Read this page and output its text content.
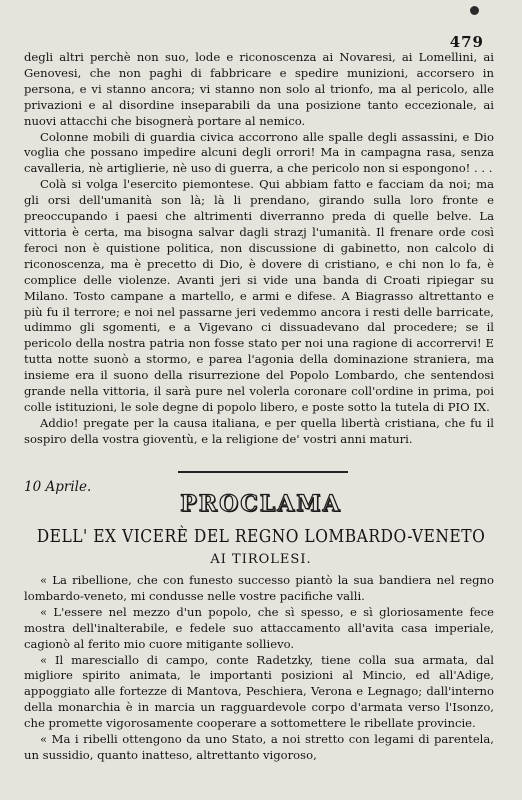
479

degli altri perchè non suo, lode e riconoscenza ai Novaresi, ai Lomellini, ai Genovesi, che non paghi di fabbricare e spedire munizioni, accorsero in persona, e vi stanno ancora; vi stanno non solo al trionfo, ma al pericolo, alle privazioni e al disordine inseparabili da una posizione tanto eccezionale, ai nuovi attacchi che bisognerà portare al nemico.

Colonne mobili di guardia civica accorrono alle spalle degli assassini, e Dio voglia che possano impedire alcuni degli orrori! Ma in campagna rasa, senza cavalleria, nè artiglierie, nè uso di guerra, a che pericolo non si espongono! . . .

Colà si volga l'esercito piemontese. Qui abbiam fatto e facciam da noi; ma gli orsi dell'umanità son là; là li prendano, girando sulla loro fronte e preoccupando i paesi che altrimenti diverranno preda di quelle belve. La vittoria è certa, ma bisogna salvar dagli strazj l'umanità. Il frenare orde così feroci non è quistione politica, non discussione di gabinetto, non calcolo di riconoscenza, ma è precetto di Dio, è dovere di cristiano, e chi non lo fa, è complice delle violenze. Avanti jeri si vide una banda di Croati ripiegar su Milano. Tosto campane a martello, e armi e difese. A Biagrasso altrettanto e più fu il terrore; e noi nel passarne jeri vedemmo ancora i resti delle barricate, udimmo gli sgomenti, e a Vigevano ci dissuadevano dal procedere; se il pericolo della nostra patria non fosse stato per noi una ragione di accorrervi! E tutta notte suonò a stormo, e parea l'agonia della dominazione straniera, ma insieme era il suono della risurrezione del Popolo Lombardo, che sentendosi grande nella vittoria, il sarà pure nel volerla coronare coll'ordine in prima, poi colle istituzioni, le sole degne di popolo libero, e poste sotto la tutela di PIO IX.

Addio! pregate per la causa italiana, e per quella libertà cristiana, che fu il sospiro della vostra gioventù, e la religione de' vostri anni maturi.

10 Aprile.
PROCLAMA
DELL' EX VICERÈ DEL REGNO LOMBARDO-VENETO
AI TIROLESI.

« La ribellione, che con funesto successo piantò la sua bandiera nel regno lombardo-veneto, mi condusse nelle vostre pacifiche valli.

« L'essere nel mezzo d'un popolo, che sì spesso, e sì gloriosamente fece mostra dell'inalterabile, e fedele suo attaccamento all'avita casa imperiale, cagionò al ferito mio cuore mitigante sollievo.

« Il maresciallo di campo, conte Radetzky, tiene colla sua armata, dal migliore spirito animata, le importanti posizioni al Mincio, ed all'Adige, appoggiato alle fortezze di Mantova, Peschiera, Verona e Legnago; dall'interno della monarchia è in marcia un ragguardevole corpo d'armata verso l'Isonzo, che promette vigorosamente cooperare a sottomettere le ribellate provincie.

« Ma i ribelli ottengono da uno Stato, a noi stretto con legami di parentela, un sussidio, quanto inatteso, altrettanto vigoroso,
